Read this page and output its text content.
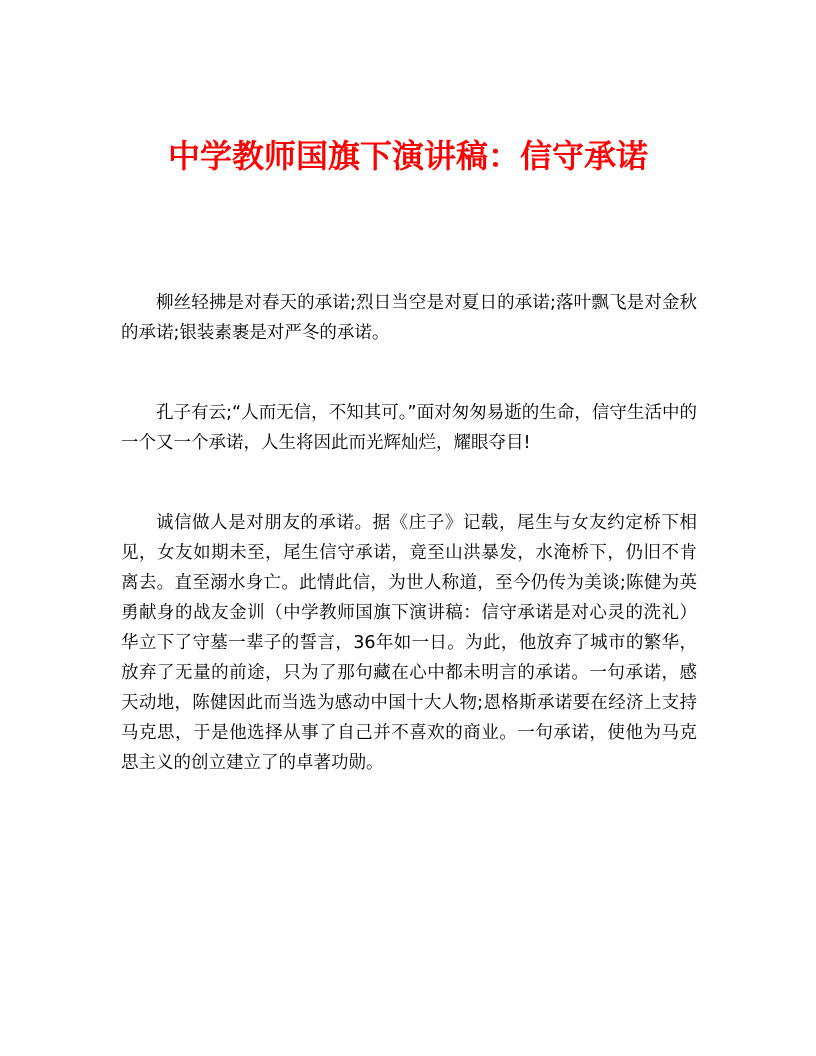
中学教师国旗下演讲稿：信守承诺

柳丝轻拂是对春天的承诺;烈日当空是对夏日的承诺;落叶飘飞是对金秋的承诺;银装素裹是对严冬的承诺。

孔子有云;“人而无信，不知其可。”面对匆匆易逝的生命，信守生活中的一个又一个承诺，人生将因此而光辉灿烂，耀眼夺目!

诚信做人是对朋友的承诺。据《庄子》记载，尾生与女友约定桥下相见，女友如期未至，尾生信守承诺，竟至山洪暴发，水淹桥下，仍旧不肯离去。直至溺水身亡。此情此信，为世人称道，至今仍传为美谈;陈健为英勇献身的战友金训（中学教师国旗下演讲稿：信守承诺是对心灵的洗礼）华立下了守墓一辈子的誓言，36年如一日。为此，他放弃了城市的繁华，放弃了无量的前途，只为了那句藏在心中都未明言的承诺。一句承诺，感天动地，陈健因此而当选为感动中国十大人物;恩格斯承诺要在经济上支持马克思，于是他选择从事了自己并不喜欢的商业。一句承诺，使他为马克思主义的创立建立了的卓著功勋。
